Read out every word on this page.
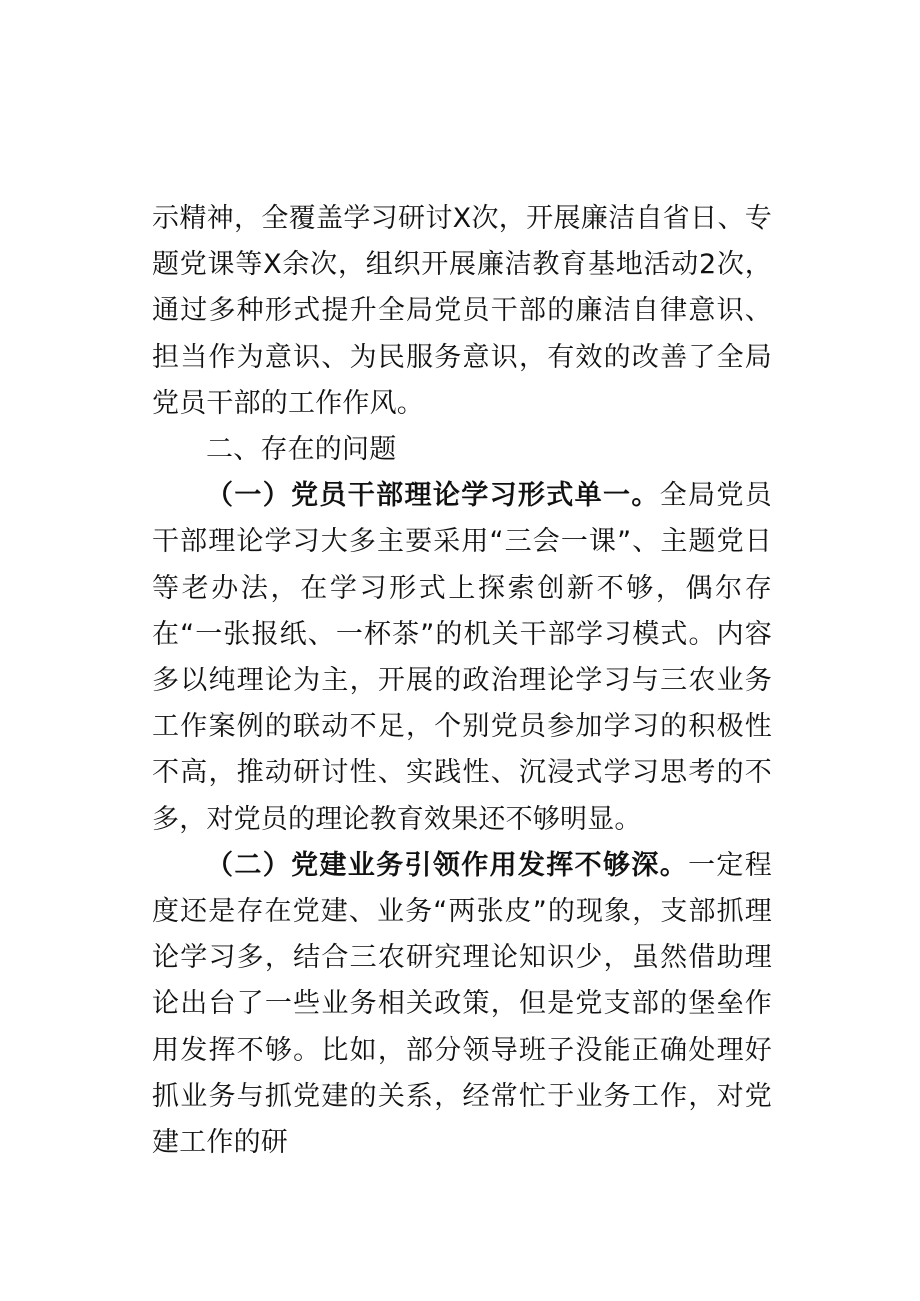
示精神，全覆盖学习研讨X次，开展廉洁自省日、专题党课等X余次，组织开展廉洁教育基地活动2次，通过多种形式提升全局党员干部的廉洁自律意识、担当作为意识、为民服务意识，有效的改善了全局党员干部的工作作风。

二、存在的问题

（一）党员干部理论学习形式单一。全局党员干部理论学习大多主要采用“三会一课”、主题党日等老办法，在学习形式上探索创新不够，偶尔存在“一张报纸、一杯茶”的机关干部学习模式。内容多以纯理论为主，开展的政治理论学习与三农业务工作案例的联动不足，个别党员参加学习的积极性不高，推动研讨性、实践性、沉浸式学习思考的不多，对党员的理论教育效果还不够明显。

（二）党建业务引领作用发挥不够深。一定程度还是存在党建、业务“两张皮”的现象，支部抓理论学习多，结合三农研究理论知识少，虽然借助理论出台了一些业务相关政策，但是党支部的堡垒作用发挥不够。比如，部分领导班子没能正确处理好抓业务与抓党建的关系，经常忙于业务工作，对党建工作的研
